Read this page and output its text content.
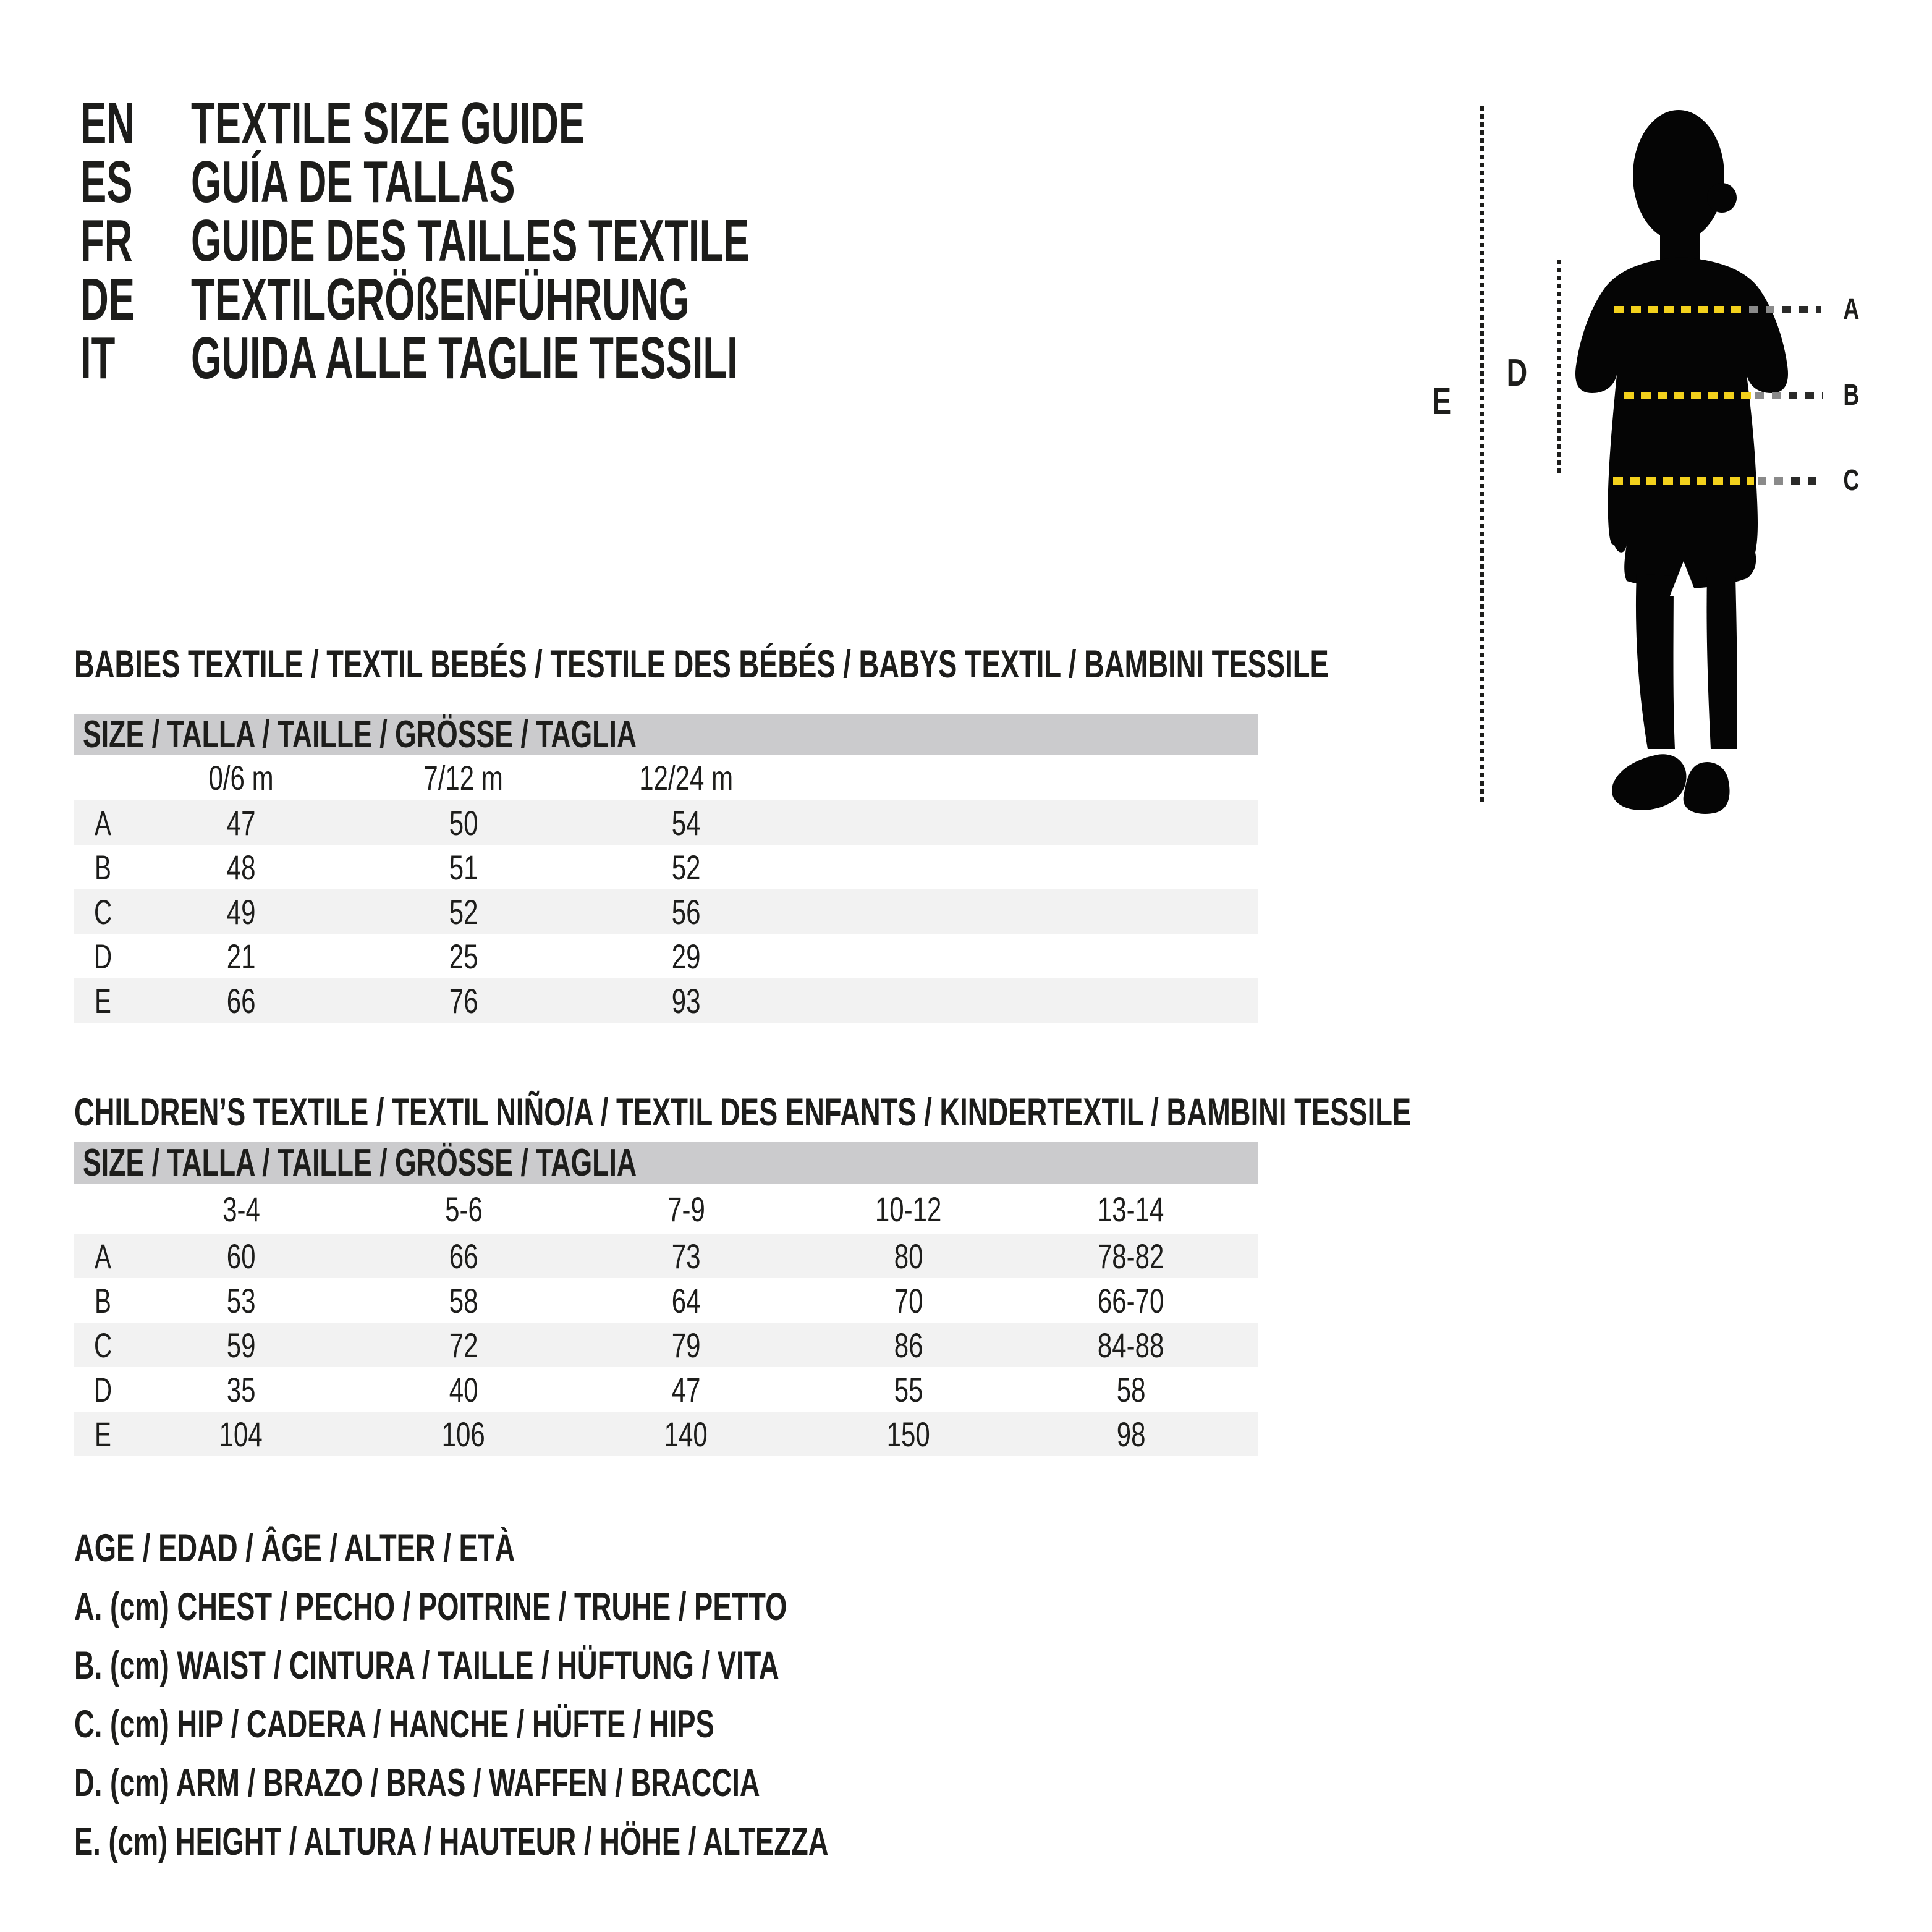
EN TEXTILE SIZE GUIDE
ES GUÍA DE TALLAS
FR GUIDE DES TAILLES TEXTILE
DE TEXTILGRÖßENFÜHRUNG
IT GUIDA ALLE TAGLIE TESSILI
A
B
C
D
E
BABIES TEXTILE / TEXTIL BEBÉS / TESTILE DES BÉBÉS / BABYS TEXTIL / BAMBINI TESSILE
SIZE / TALLA / TAILLE / GRÖSSE / TAGLIA
	0/6 m	7/12 m	12/24 m	
A	47	50	54	
B	48	51	52	
C	49	52	56	
D	21	25	29	
E	66	76	93	
CHILDREN’S TEXTILE / TEXTIL NIÑO/A / TEXTIL DES ENFANTS / KINDERTEXTIL / BAMBINI TESSILE
SIZE / TALLA / TAILLE / GRÖSSE / TAGLIA
	3-4	5-6	7-9	10-12	13-14	
A	60	66	73	80	78-82	
B	53	58	64	70	66-70	
C	59	72	79	86	84-88	
D	35	40	47	55	58	
E	104	106	140	150	98	
AGE / EDAD / ÂGE / ALTER / ETÀ
A. (cm) CHEST / PECHO / POITRINE / TRUHE / PETTO
B. (cm) WAIST / CINTURA / TAILLE / HÜFTUNG / VITA
C. (cm) HIP / CADERA / HANCHE / HÜFTE / HIPS
D. (cm) ARM / BRAZO / BRAS / WAFFEN / BRACCIA
E. (cm) HEIGHT / ALTURA / HAUTEUR / HÖHE / ALTEZZA
